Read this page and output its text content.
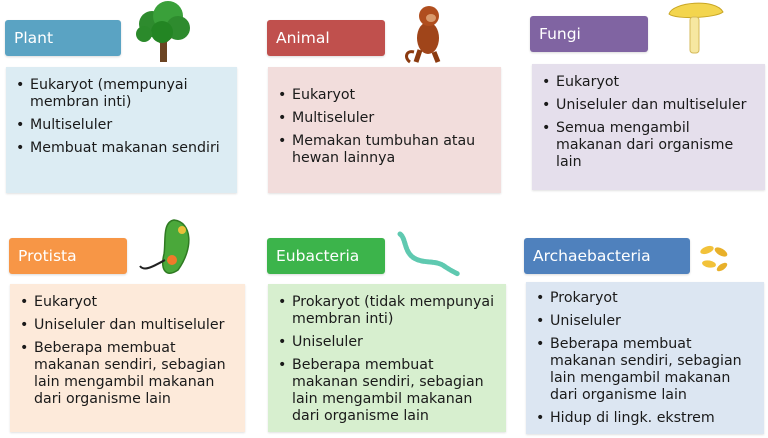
Plant
• Eukaryot (mempunyai membran inti)
• Multiseluler
• Membuat makanan sendiri
Animal
• Eukaryot
• Multiseluler
• Memakan tumbuhan atau hewan lainnya
Fungi
• Eukaryot
• Uniseluler dan multiseluler
• Semua mengambil makanan dari organisme lain
Protista
• Eukaryot
• Uniseluler dan multiseluler
• Beberapa membuat makanan sendiri, sebagian lain mengambil makanan dari organisme lain
Eubacteria
• Prokaryot (tidak mempunyai membran inti)
• Uniseluler
• Beberapa membuat makanan sendiri, sebagian lain mengambil makanan dari organisme lain
Archaebacteria
• Prokaryot
• Uniseluler
• Beberapa membuat makanan sendiri, sebagian lain mengambil makanan dari organisme lain
• Hidup di lingk. ekstrem
